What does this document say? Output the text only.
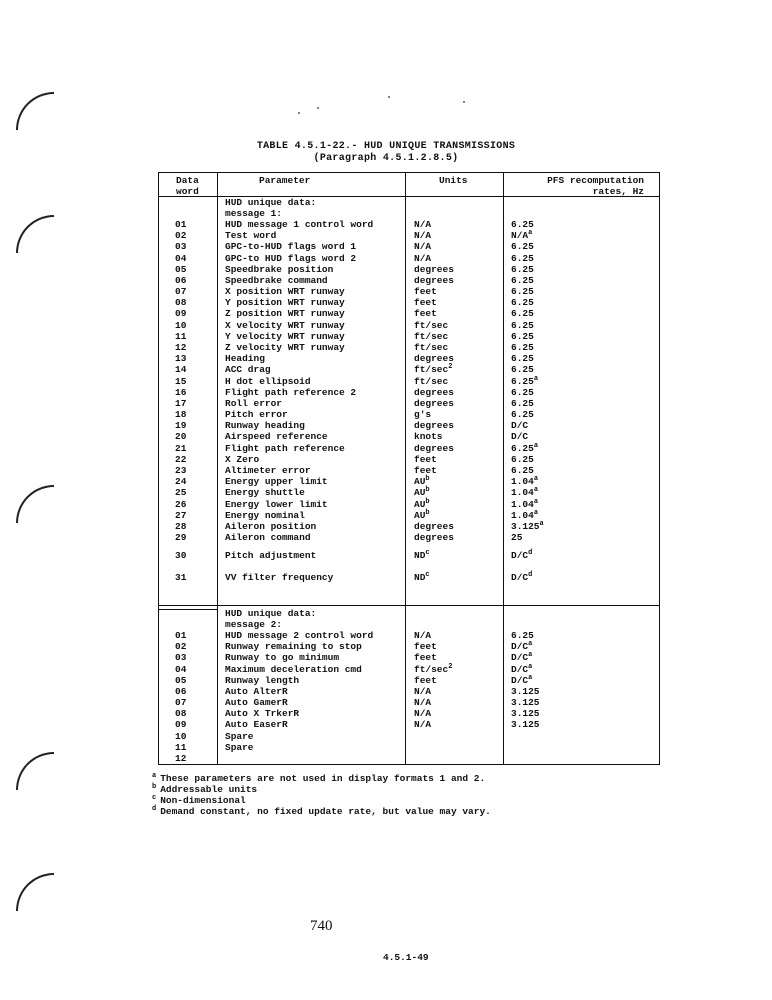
TABLE 4.5.1-22.- HUD UNIQUE TRANSMISSIONS
(Paragraph 4.5.1.2.8.5)
Data
word
Parameter	Units	PFS recomputation
rates, Hz
HUD unique data:
message 1:
01	HUD message 1 control word	N/A	6.25
02	Test word	N/A	$N/A^a$
03	GPC-to-HUD flags word 1	N/A	6.25
04	GPC-to HUD flags word 2	N/A	6.25
05	Speedbrake position	degrees	6.25
06	Speedbrake command	degrees	6.25
07	X position WRT runway	feet	6.25
08	Y position WRT runway	feet	6.25
09	Z position WRT runway	feet	6.25
10	X velocity WRT runway	ft/sec	6.25
11	Y velocity WRT runway	ft/sec	6.25
12	Z velocity WRT runway	ft/sec	6.25
13	Heading	degrees	6.25
14	ACC drag	$ft/\sec^2$	6.25
15	H dot ellipsoid	ft/sec	6.25$^a$
16	Flight path reference 2	degrees	6.25
17	Roll error	degrees	6.25
18	Pitch error	g's	6.25
19	Runway heading	degrees	D/C
20	Airspeed reference	knots	D/C
21	Flight path reference	degrees	6.25$^a$
22	X Zero	feet	6.25
23	Altimeter error	feet	6.25
24	Energy upper limit	$AU^b$	1.04$^a$
25	Energy shuttle	$AU^b$	1.04$^a$
26	Energy lower limit	$AU^b$	1.04$^a$
27	Energy nominal	$AU^b$	1.04$^a$
28	Aileron position	degrees	3.125$^a$
29	Aileron command	degrees	25
30	Pitch adjustment	$ND^c$	$D/C^d$
31	VV filter frequency	$ND^c$	$D/C^d$
HUD unique data:
message 2:
01	HUD message 2 control word	N/A	6.25
02	Runway remaining to stop	feet	$D/C^a$
03	Runway to go minimum	feet	$D/C^a$
04	Maximum deceleration cmd	$ft/\sec^2$	$D/C^a$
05	Runway length	feet	$D/C^a$
06	Auto AlterR	N/A	3.125
07	Auto GamerR	N/A	3.125
08	Auto X TrkerR	N/A	3.125
09	Auto EaserR	N/A	3.125
10	Spare
11	Spare
12
$^a$ These parameters are not used in display formats 1 and 2.
$^b$ Addressable units
$^c$ Non-dimensional
$^d$ Demand constant, no fixed update rate, but value may vary.
740
4.5.1-49
